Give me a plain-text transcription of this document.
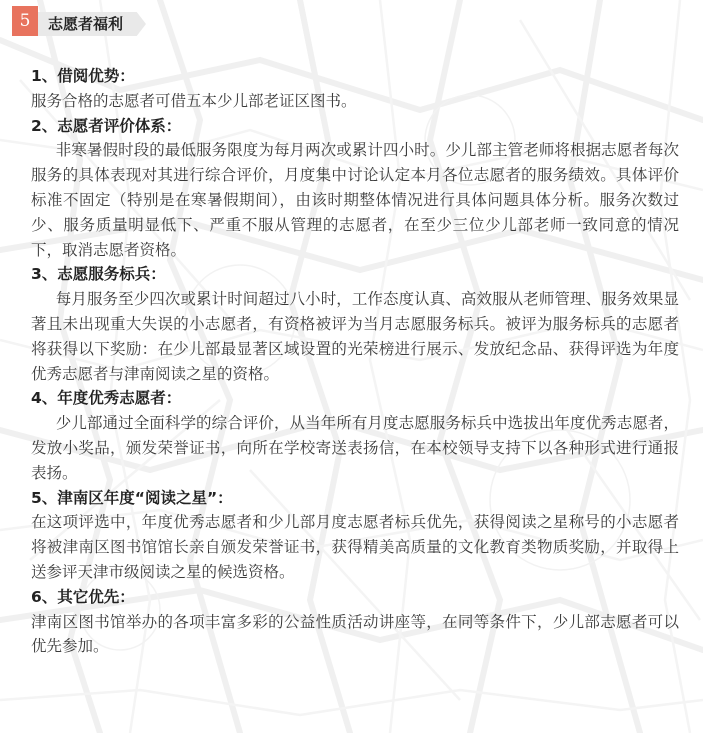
5	志愿者福利

1、借阅优势：

服务合格的志愿者可借五本少儿部老证区图书。

2、志愿者评价体系：

非寒暑假时段的最低服务限度为每月两次或累计四小时。少儿部主管老师将根据志愿者每次服务的具体表现对其进行综合评价，月度集中讨论认定本月各位志愿者的服务绩效。具体评价标准不固定（特别是在寒暑假期间），由该时期整体情况进行具体问题具体分析。服务次数过少、服务质量明显低下、严重不服从管理的志愿者，在至少三位少儿部老师一致同意的情况下，取消志愿者资格。

3、志愿服务标兵：

每月服务至少四次或累计时间超过八小时，工作态度认真、高效服从老师管理、服务效果显著且未出现重大失误的小志愿者，有资格被评为当月志愿服务标兵。被评为服务标兵的志愿者将获得以下奖励：在少儿部最显著区域设置的光荣榜进行展示、发放纪念品、获得评选为年度优秀志愿者与津南阅读之星的资格。

4、年度优秀志愿者：

少儿部通过全面科学的综合评价，从当年所有月度志愿服务标兵中选拔出年度优秀志愿者，发放小奖品，颁发荣誉证书，向所在学校寄送表扬信，在本校领导支持下以各种形式进行通报表扬。

5、津南区年度“阅读之星”：

在这项评选中，年度优秀志愿者和少儿部月度志愿者标兵优先，获得阅读之星称号的小志愿者将被津南区图书馆馆长亲自颁发荣誉证书，获得精美高质量的文化教育类物质奖励，并取得上送参评天津市级阅读之星的候选资格。

6、其它优先：

津南区图书馆举办的各项丰富多彩的公益性质活动讲座等，在同等条件下，少儿部志愿者可以优先参加。
